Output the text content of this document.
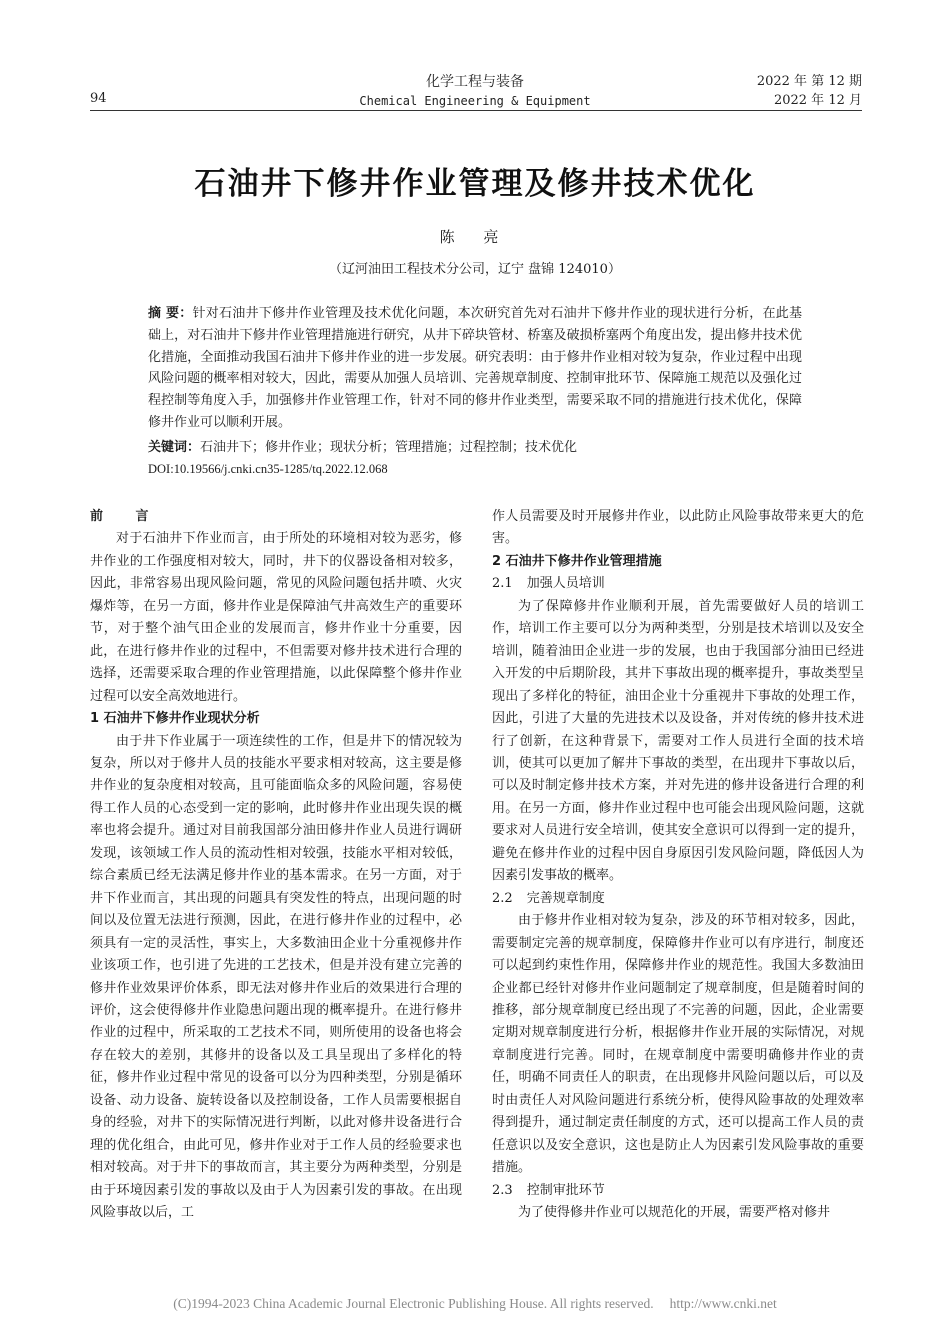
94
化学工程与装备
Chemical Engineering & Equipment
2022 年 第 12 期
2022 年 12 月
石油井下修井作业管理及修井技术优化
陈 亮
（辽河油田工程技术分公司，辽宁 盘锦 124010）
摘 要：针对石油井下修井作业管理及技术优化问题，本次研究首先对石油井下修井作业的现状进行分析，在此基础上，对石油井下修井作业管理措施进行研究，从井下碎块管材、桥塞及破损桥塞两个角度出发，提出修井技术优化措施，全面推动我国石油井下修井作业的进一步发展。研究表明：由于修井作业相对较为复杂，作业过程中出现风险问题的概率相对较大，因此，需要从加强人员培训、完善规章制度、控制审批环节、保障施工规范以及强化过程控制等角度入手，加强修井作业管理工作，针对不同的修井作业类型，需要采取不同的措施进行技术优化，保障修井作业可以顺利开展。
关键词：石油井下；修井作业；现状分析；管理措施；过程控制；技术优化
DOI:10.19566/j.cnki.cn35-1285/tq.2022.12.068
前 言

对于石油井下作业而言，由于所处的环境相对较为恶劣，修井作业的工作强度相对较大，同时，井下的仪器设备相对较多，因此，非常容易出现风险问题，常见的风险问题包括井喷、火灾爆炸等，在另一方面，修井作业是保障油气井高效生产的重要环节，对于整个油气田企业的发展而言，修井作业十分重要，因此，在进行修井作业的过程中，不但需要对修井技术进行合理的选择，还需要采取合理的作业管理措施，以此保障整个修井作业过程可以安全高效地进行。

1 石油井下修井作业现状分析

由于井下作业属于一项连续性的工作，但是井下的情况较为复杂，所以对于修井人员的技能水平要求相对较高，这主要是修井作业的复杂度相对较高，且可能面临众多的风险问题，容易使得工作人员的心态受到一定的影响，此时修井作业出现失误的概率也将会提升。通过对目前我国部分油田修井作业人员进行调研发现，该领域工作人员的流动性相对较强，技能水平相对较低，综合素质已经无法满足修井作业的基本需求。在另一方面，对于井下作业而言，其出现的问题具有突发性的特点，出现问题的时间以及位置无法进行预测，因此，在进行修井作业的过程中，必须具有一定的灵活性，事实上，大多数油田企业十分重视修井作业该项工作，也引进了先进的工艺技术，但是并没有建立完善的修井作业效果评价体系，即无法对修井作业后的效果进行合理的评价，这会使得修井作业隐患问题出现的概率提升。在进行修井作业的过程中，所采取的工艺技术不同，则所使用的设备也将会存在较大的差别，其修井的设备以及工具呈现出了多样化的特征，修井作业过程中常见的设备可以分为四种类型，分别是循环设备、动力设备、旋转设备以及控制设备，工作人员需要根据自身的经验，对井下的实际情况进行判断，以此对修井设备进行合理的优化组合，由此可见，修井作业对于工作人员的经验要求也相对较高。对于井下的事故而言，其主要分为两种类型，分别是由于环境因素引发的事故以及由于人为因素引发的事故。在出现风险事故以后，工

作人员需要及时开展修井作业，以此防止风险事故带来更大的危害。

2 石油井下修井作业管理措施
2.1 加强人员培训

为了保障修井作业顺利开展，首先需要做好人员的培训工作，培训工作主要可以分为两种类型，分别是技术培训以及安全培训，随着油田企业进一步的发展，也由于我国部分油田已经进入开发的中后期阶段，其井下事故出现的概率提升，事故类型呈现出了多样化的特征，油田企业十分重视井下事故的处理工作，因此，引进了大量的先进技术以及设备，并对传统的修井技术进行了创新，在这种背景下，需要对工作人员进行全面的技术培训，使其可以更加了解井下事故的类型，在出现井下事故以后，可以及时制定修井技术方案，并对先进的修井设备进行合理的利用。在另一方面，修井作业过程中也可能会出现风险问题，这就要求对人员进行安全培训，使其安全意识可以得到一定的提升，避免在修井作业的过程中因自身原因引发风险问题，降低因人为因素引发事故的概率。

2.2 完善规章制度

由于修井作业相对较为复杂，涉及的环节相对较多，因此，需要制定完善的规章制度，保障修井作业可以有序进行，制度还可以起到约束性作用，保障修井作业的规范性。我国大多数油田企业都已经针对修井作业问题制定了规章制度，但是随着时间的推移，部分规章制度已经出现了不完善的问题，因此，企业需要定期对规章制度进行分析，根据修井作业开展的实际情况，对规章制度进行完善。同时，在规章制度中需要明确修井作业的责任，明确不同责任人的职责，在出现修井风险问题以后，可以及时由责任人对风险问题进行系统分析，使得风险事故的处理效率得到提升，通过制定责任制度的方式，还可以提高工作人员的责任意识以及安全意识，这也是防止人为因素引发风险事故的重要措施。

2.3 控制审批环节

为了使得修井作业可以规范化的开展，需要严格对修井

(C)1994-2023 China Academic Journal Electronic Publishing House. All rights reserved. http://www.cnki.net
